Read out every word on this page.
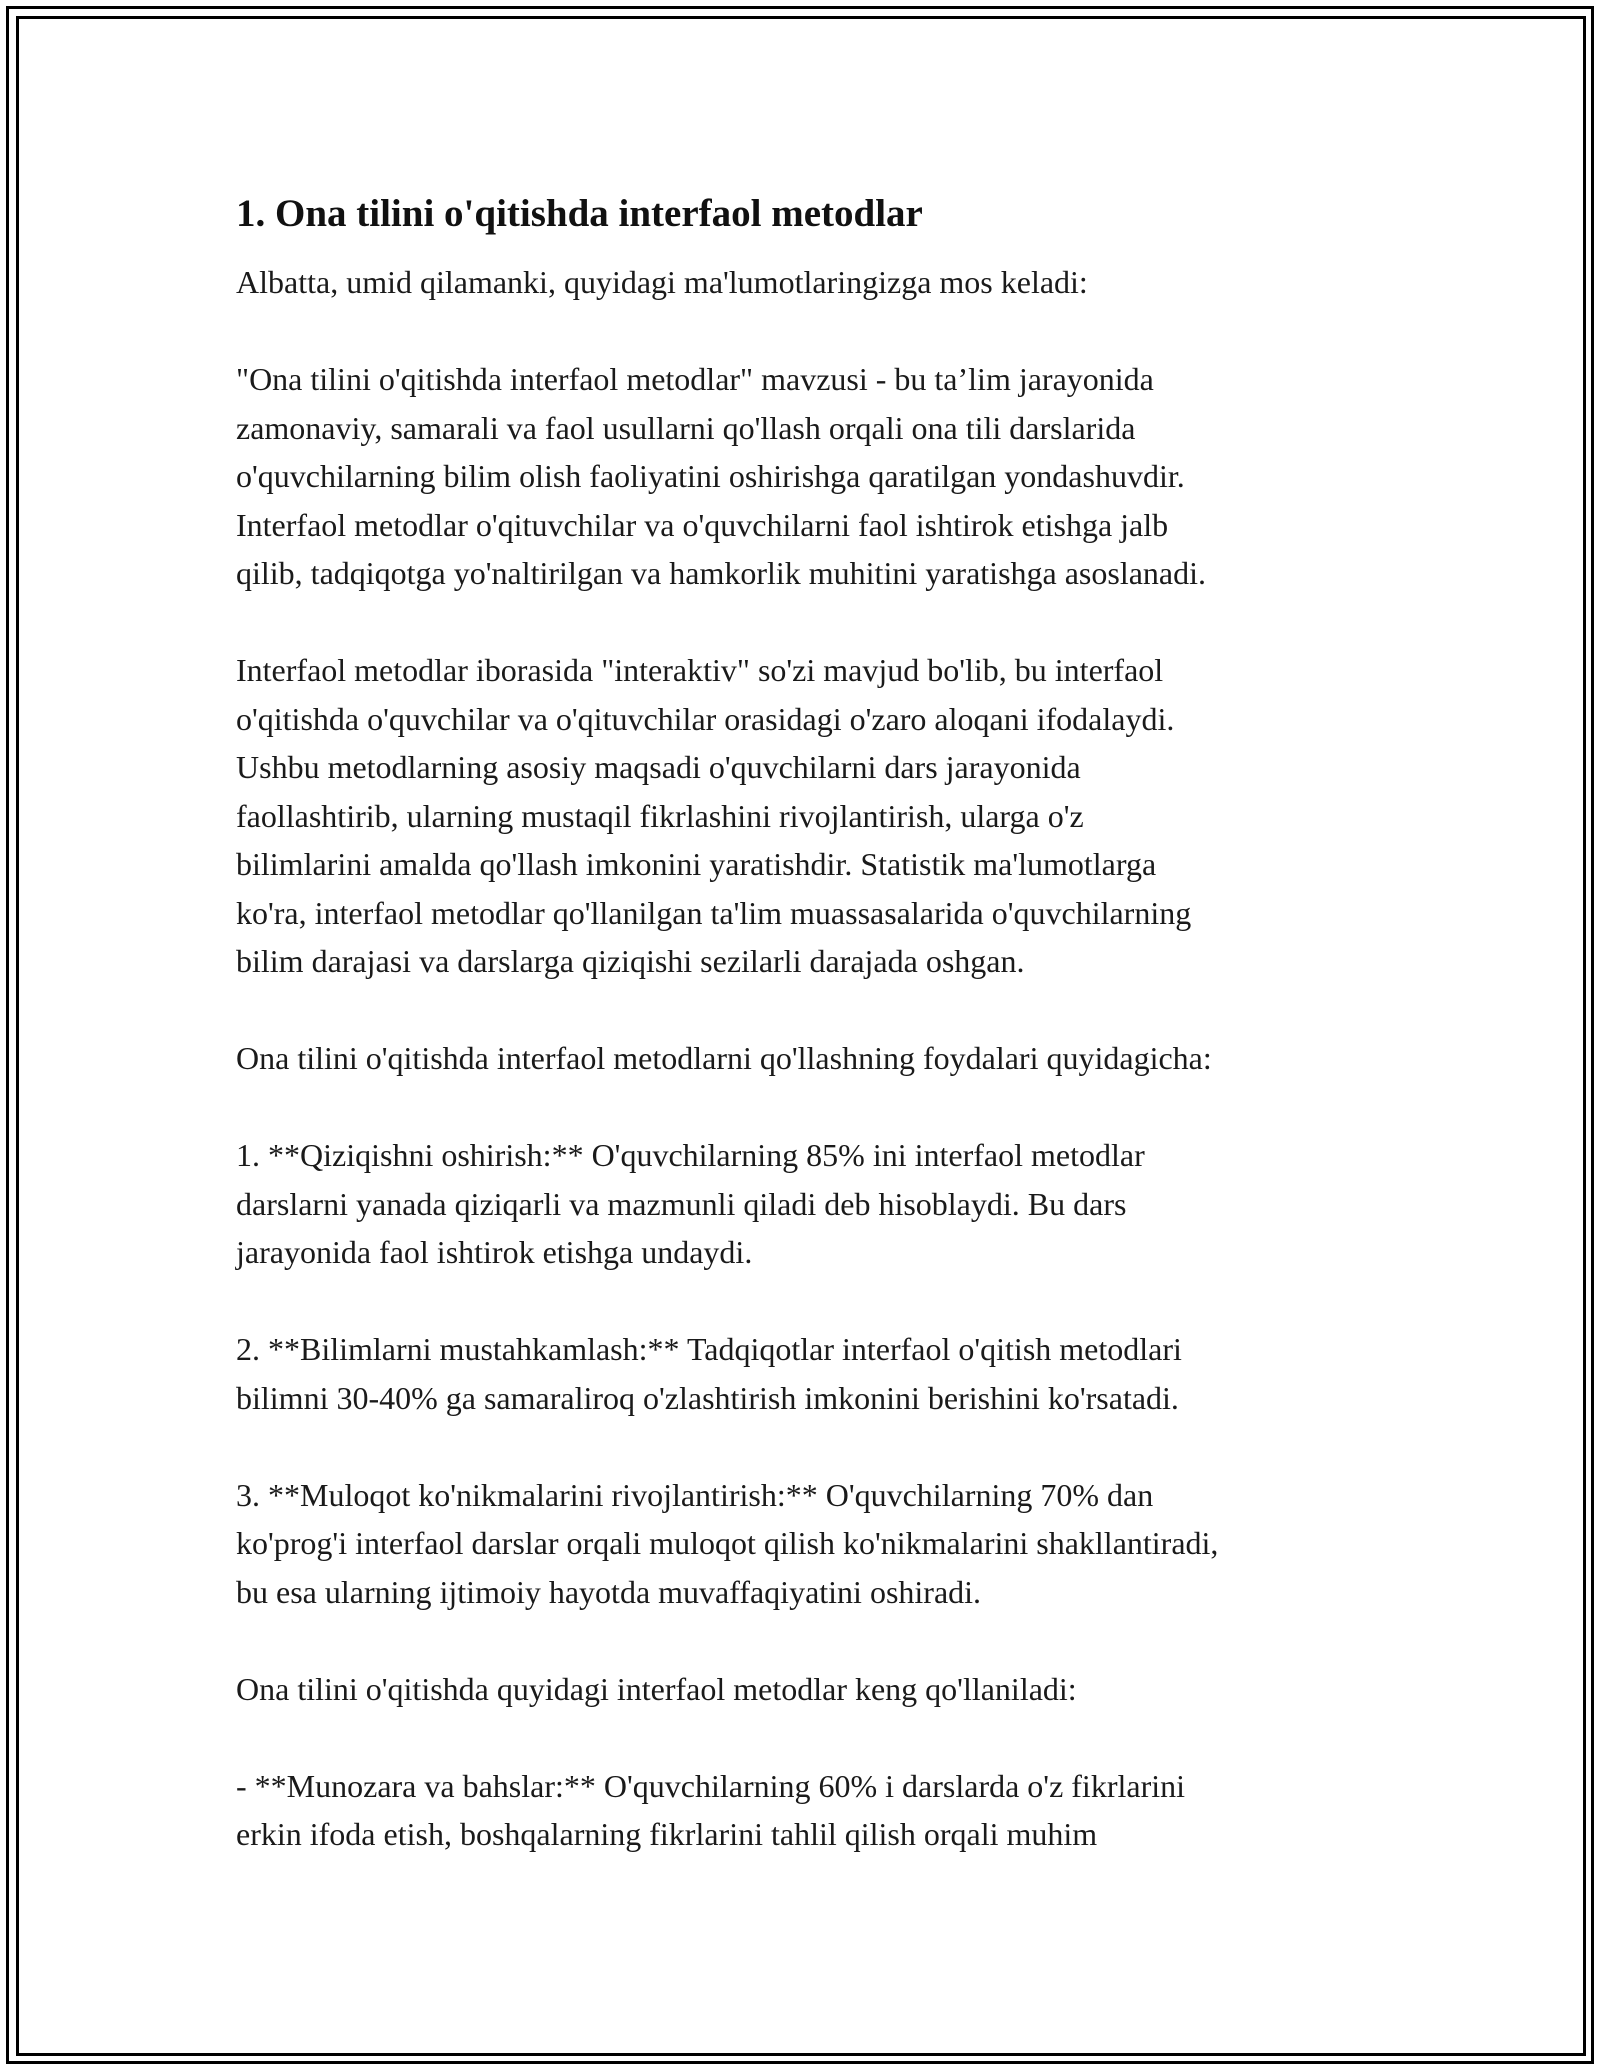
1. Ona tilini o'qitishda interfaol metodlar

Albatta, umid qilamanki, quyidagi ma'lumotlaringizga mos keladi:

"Ona tilini o'qitishda interfaol metodlar" mavzusi - bu ta’lim jarayonida
zamonaviy, samarali va faol usullarni qo'llash orqali ona tili darslarida
o'quvchilarning bilim olish faoliyatini oshirishga qaratilgan yondashuvdir.
Interfaol metodlar o'qituvchilar va o'quvchilarni faol ishtirok etishga jalb
qilib, tadqiqotga yo'naltirilgan va hamkorlik muhitini yaratishga asoslanadi.

Interfaol metodlar iborasida "interaktiv" so'zi mavjud bo'lib, bu interfaol
o'qitishda o'quvchilar va o'qituvchilar orasidagi o'zaro aloqani ifodalaydi.
Ushbu metodlarning asosiy maqsadi o'quvchilarni dars jarayonida
faollashtirib, ularning mustaqil fikrlashini rivojlantirish, ularga o'z
bilimlarini amalda qo'llash imkonini yaratishdir. Statistik ma'lumotlarga
ko'ra, interfaol metodlar qo'llanilgan ta'lim muassasalarida o'quvchilarning
bilim darajasi va darslarga qiziqishi sezilarli darajada oshgan.

Ona tilini o'qitishda interfaol metodlarni qo'llashning foydalari quyidagicha:

1. **Qiziqishni oshirish:** O'quvchilarning 85% ini interfaol metodlar
darslarni yanada qiziqarli va mazmunli qiladi deb hisoblaydi. Bu dars
jarayonida faol ishtirok etishga undaydi.

2. **Bilimlarni mustahkamlash:** Tadqiqotlar interfaol o'qitish metodlari
bilimni 30-40% ga samaraliroq o'zlashtirish imkonini berishini ko'rsatadi.

3. **Muloqot ko'nikmalarini rivojlantirish:** O'quvchilarning 70% dan
ko'prog'i interfaol darslar orqali muloqot qilish ko'nikmalarini shakllantiradi,
bu esa ularning ijtimoiy hayotda muvaffaqiyatini oshiradi.

Ona tilini o'qitishda quyidagi interfaol metodlar keng qo'llaniladi:

- **Munozara va bahslar:** O'quvchilarning 60% i darslarda o'z fikrlarini
erkin ifoda etish, boshqalarning fikrlarini tahlil qilish orqali muhim
